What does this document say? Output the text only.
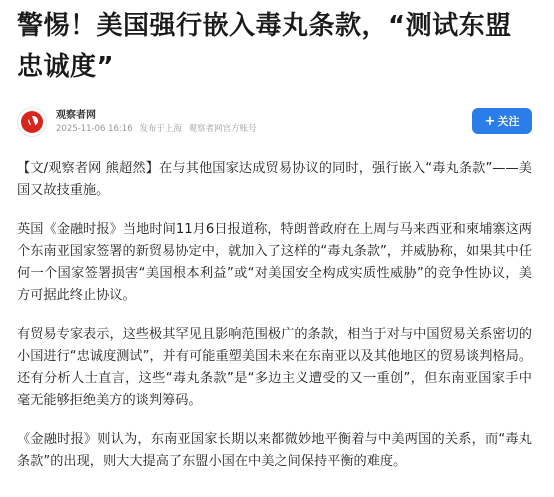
警惕！美国强行嵌入毒丸条款，“测试东盟忠诚度”
观察者网
2025-11-06 16:16 发布于上海 观察者网官方账号	+ 关注

【文/观察者网 熊超然】在与其他国家达成贸易协议的同时，强行嵌入“毒丸条款”——美国又故技重施。

英国《金融时报》当地时间11月6日报道称，特朗普政府在上周与马来西亚和柬埔寨这两个东南亚国家签署的新贸易协定中，就加入了这样的“毒丸条款”，并威胁称，如果其中任何一个国家签署损害“美国根本利益”或“对美国安全构成实质性威胁”的竞争性协议，美方可据此终止协议。

有贸易专家表示，这些极其罕见且影响范围极广的条款，相当于对与中国贸易关系密切的小国进行“忠诚度测试”，并有可能重塑美国未来在东南亚以及其他地区的贸易谈判格局。还有分析人士直言，这些“毒丸条款”是“多边主义遭受的又一重创”，但东南亚国家手中毫无能够拒绝美方的谈判筹码。

《金融时报》则认为，东南亚国家长期以来都微妙地平衡着与中美两国的关系，而“毒丸条款”的出现，则大大提高了东盟小国在中美之间保持平衡的难度。
